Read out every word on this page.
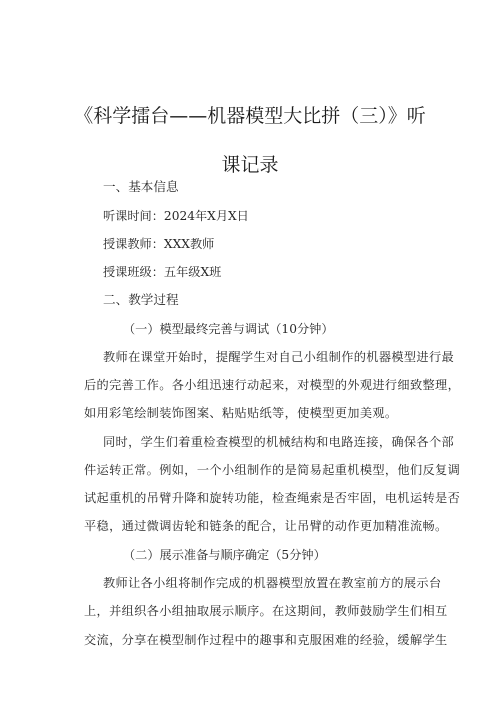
《科学擂台——机器模型大比拼（三）》听
课记录
一、基本信息
听课时间：2024年X月X日
授课教师：XXX教师
授课班级：五年级X班
二、教学过程
（一）模型最终完善与调试（10分钟）
教师在课堂开始时，提醒学生对自己小组制作的机器模型进行最
后的完善工作。各小组迅速行动起来，对模型的外观进行细致整理，
如用彩笔绘制装饰图案、粘贴贴纸等，使模型更加美观。
同时，学生们着重检查模型的机械结构和电路连接，确保各个部
件运转正常。例如，一个小组制作的是简易起重机模型，他们反复调
试起重机的吊臂升降和旋转功能，检查绳索是否牢固，电机运转是否
平稳，通过微调齿轮和链条的配合，让吊臂的动作更加精准流畅。
（二）展示准备与顺序确定（5分钟）
教师让各小组将制作完成的机器模型放置在教室前方的展示台
上，并组织各小组抽取展示顺序。在这期间，教师鼓励学生们相互
交流，分享在模型制作过程中的趣事和克服困难的经验，缓解学生
